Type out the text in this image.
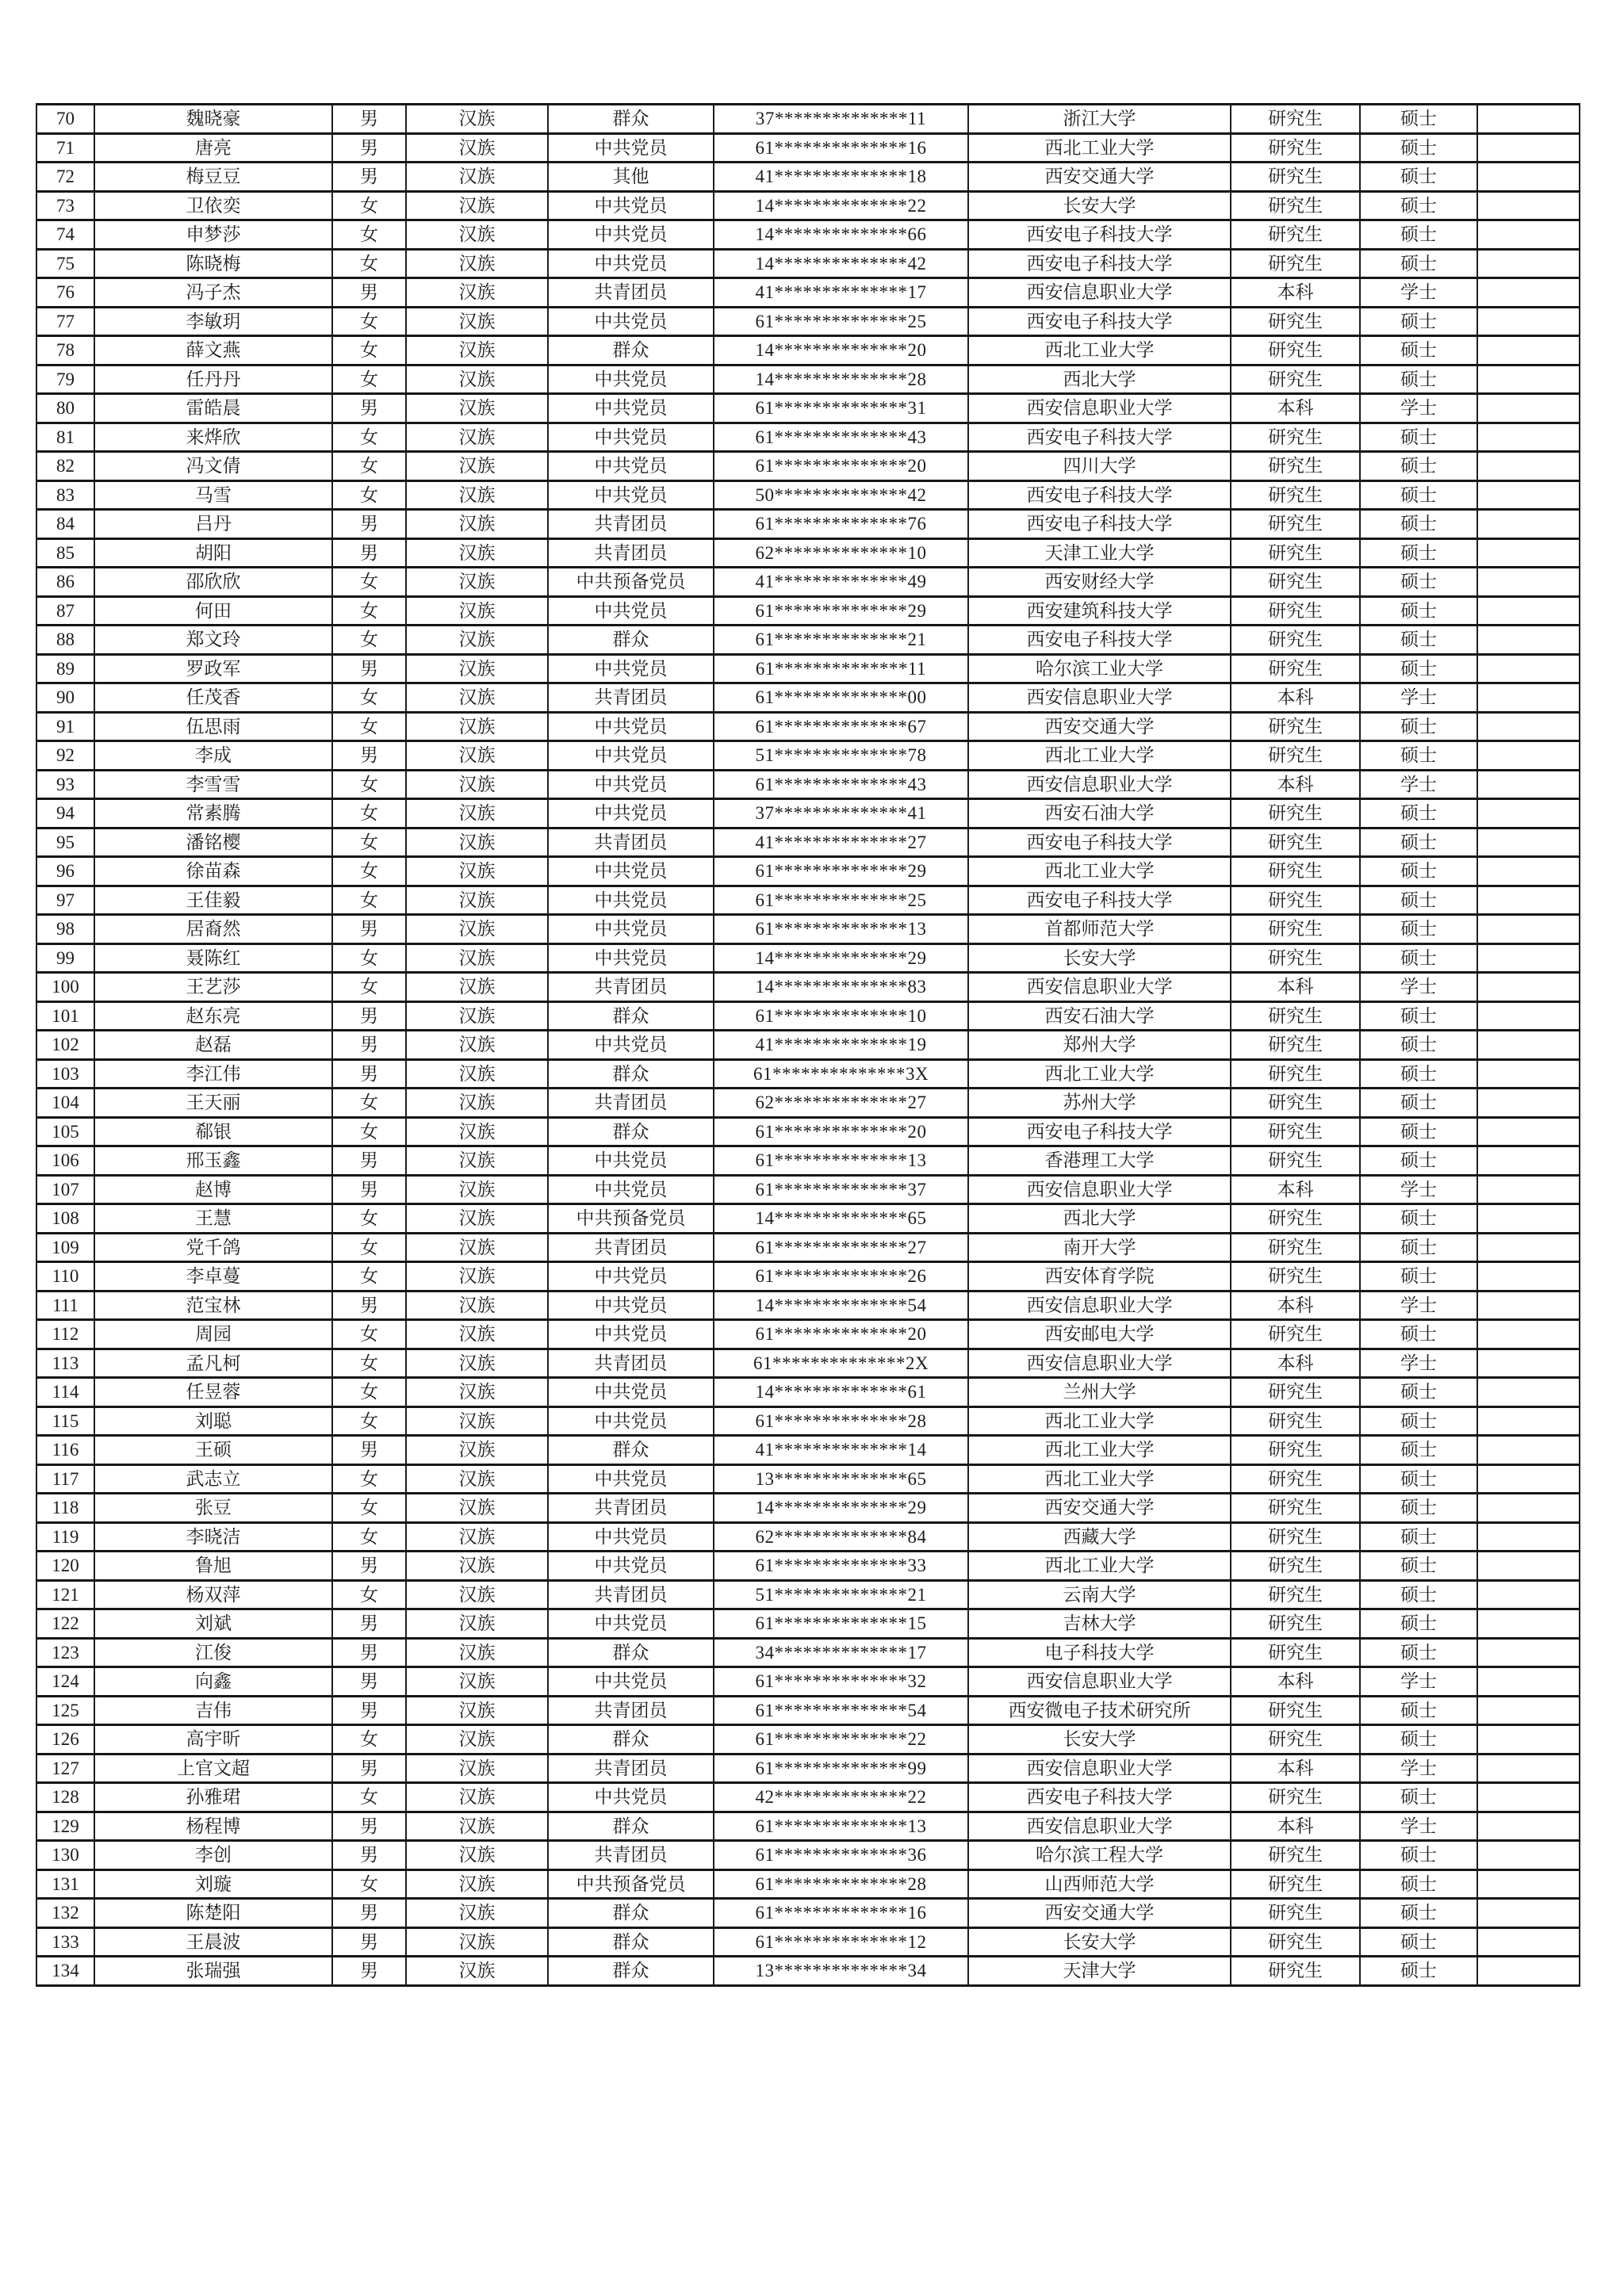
70	魏晓豪	男	汉族	群众	37**************11	浙江大学	研究生	硕士	
71	唐亮	男	汉族	中共党员	61**************16	西北工业大学	研究生	硕士	
72	梅豆豆	男	汉族	其他	41**************18	西安交通大学	研究生	硕士	
73	卫依奕	女	汉族	中共党员	14**************22	长安大学	研究生	硕士	
74	申梦莎	女	汉族	中共党员	14**************66	西安电子科技大学	研究生	硕士	
75	陈晓梅	女	汉族	中共党员	14**************42	西安电子科技大学	研究生	硕士	
76	冯子杰	男	汉族	共青团员	41**************17	西安信息职业大学	本科	学士	
77	李敏玥	女	汉族	中共党员	61**************25	西安电子科技大学	研究生	硕士	
78	薛文燕	女	汉族	群众	14**************20	西北工业大学	研究生	硕士	
79	任丹丹	女	汉族	中共党员	14**************28	西北大学	研究生	硕士	
80	雷皓晨	男	汉族	中共党员	61**************31	西安信息职业大学	本科	学士	
81	来烨欣	女	汉族	中共党员	61**************43	西安电子科技大学	研究生	硕士	
82	冯文倩	女	汉族	中共党员	61**************20	四川大学	研究生	硕士	
83	马雪	女	汉族	中共党员	50**************42	西安电子科技大学	研究生	硕士	
84	吕丹	男	汉族	共青团员	61**************76	西安电子科技大学	研究生	硕士	
85	胡阳	男	汉族	共青团员	62**************10	天津工业大学	研究生	硕士	
86	邵欣欣	女	汉族	中共预备党员	41**************49	西安财经大学	研究生	硕士	
87	何田	女	汉族	中共党员	61**************29	西安建筑科技大学	研究生	硕士	
88	郑文玲	女	汉族	群众	61**************21	西安电子科技大学	研究生	硕士	
89	罗政军	男	汉族	中共党员	61**************11	哈尔滨工业大学	研究生	硕士	
90	任茂香	女	汉族	共青团员	61**************00	西安信息职业大学	本科	学士	
91	伍思雨	女	汉族	中共党员	61**************67	西安交通大学	研究生	硕士	
92	李成	男	汉族	中共党员	51**************78	西北工业大学	研究生	硕士	
93	李雪雪	女	汉族	中共党员	61**************43	西安信息职业大学	本科	学士	
94	常素腾	女	汉族	中共党员	37**************41	西安石油大学	研究生	硕士	
95	潘铭樱	女	汉族	共青团员	41**************27	西安电子科技大学	研究生	硕士	
96	徐苗森	女	汉族	中共党员	61**************29	西北工业大学	研究生	硕士	
97	王佳毅	女	汉族	中共党员	61**************25	西安电子科技大学	研究生	硕士	
98	居裔然	男	汉族	中共党员	61**************13	首都师范大学	研究生	硕士	
99	聂陈红	女	汉族	中共党员	14**************29	长安大学	研究生	硕士	
100	王艺莎	女	汉族	共青团员	14**************83	西安信息职业大学	本科	学士	
101	赵东亮	男	汉族	群众	61**************10	西安石油大学	研究生	硕士	
102	赵磊	男	汉族	中共党员	41**************19	郑州大学	研究生	硕士	
103	李江伟	男	汉族	群众	61**************3X	西北工业大学	研究生	硕士	
104	王天丽	女	汉族	共青团员	62**************27	苏州大学	研究生	硕士	
105	郗银	女	汉族	群众	61**************20	西安电子科技大学	研究生	硕士	
106	邢玉鑫	男	汉族	中共党员	61**************13	香港理工大学	研究生	硕士	
107	赵博	男	汉族	中共党员	61**************37	西安信息职业大学	本科	学士	
108	王慧	女	汉族	中共预备党员	14**************65	西北大学	研究生	硕士	
109	党千鸽	女	汉族	共青团员	61**************27	南开大学	研究生	硕士	
110	李卓蔓	女	汉族	中共党员	61**************26	西安体育学院	研究生	硕士	
111	范宝林	男	汉族	中共党员	14**************54	西安信息职业大学	本科	学士	
112	周园	女	汉族	中共党员	61**************20	西安邮电大学	研究生	硕士	
113	孟凡柯	女	汉族	共青团员	61**************2X	西安信息职业大学	本科	学士	
114	任昱蓉	女	汉族	中共党员	14**************61	兰州大学	研究生	硕士	
115	刘聪	女	汉族	中共党员	61**************28	西北工业大学	研究生	硕士	
116	王硕	男	汉族	群众	41**************14	西北工业大学	研究生	硕士	
117	武志立	女	汉族	中共党员	13**************65	西北工业大学	研究生	硕士	
118	张豆	女	汉族	共青团员	14**************29	西安交通大学	研究生	硕士	
119	李晓洁	女	汉族	中共党员	62**************84	西藏大学	研究生	硕士	
120	鲁旭	男	汉族	中共党员	61**************33	西北工业大学	研究生	硕士	
121	杨双萍	女	汉族	共青团员	51**************21	云南大学	研究生	硕士	
122	刘斌	男	汉族	中共党员	61**************15	吉林大学	研究生	硕士	
123	江俊	男	汉族	群众	34**************17	电子科技大学	研究生	硕士	
124	向鑫	男	汉族	中共党员	61**************32	西安信息职业大学	本科	学士	
125	吉伟	男	汉族	共青团员	61**************54	西安微电子技术研究所	研究生	硕士	
126	高宇昕	女	汉族	群众	61**************22	长安大学	研究生	硕士	
127	上官文超	男	汉族	共青团员	61**************99	西安信息职业大学	本科	学士	
128	孙雅珺	女	汉族	中共党员	42**************22	西安电子科技大学	研究生	硕士	
129	杨程博	男	汉族	群众	61**************13	西安信息职业大学	本科	学士	
130	李创	男	汉族	共青团员	61**************36	哈尔滨工程大学	研究生	硕士	
131	刘璇	女	汉族	中共预备党员	61**************28	山西师范大学	研究生	硕士	
132	陈楚阳	男	汉族	群众	61**************16	西安交通大学	研究生	硕士	
133	王晨波	男	汉族	群众	61**************12	长安大学	研究生	硕士	
134	张瑞强	男	汉族	群众	13**************34	天津大学	研究生	硕士	
